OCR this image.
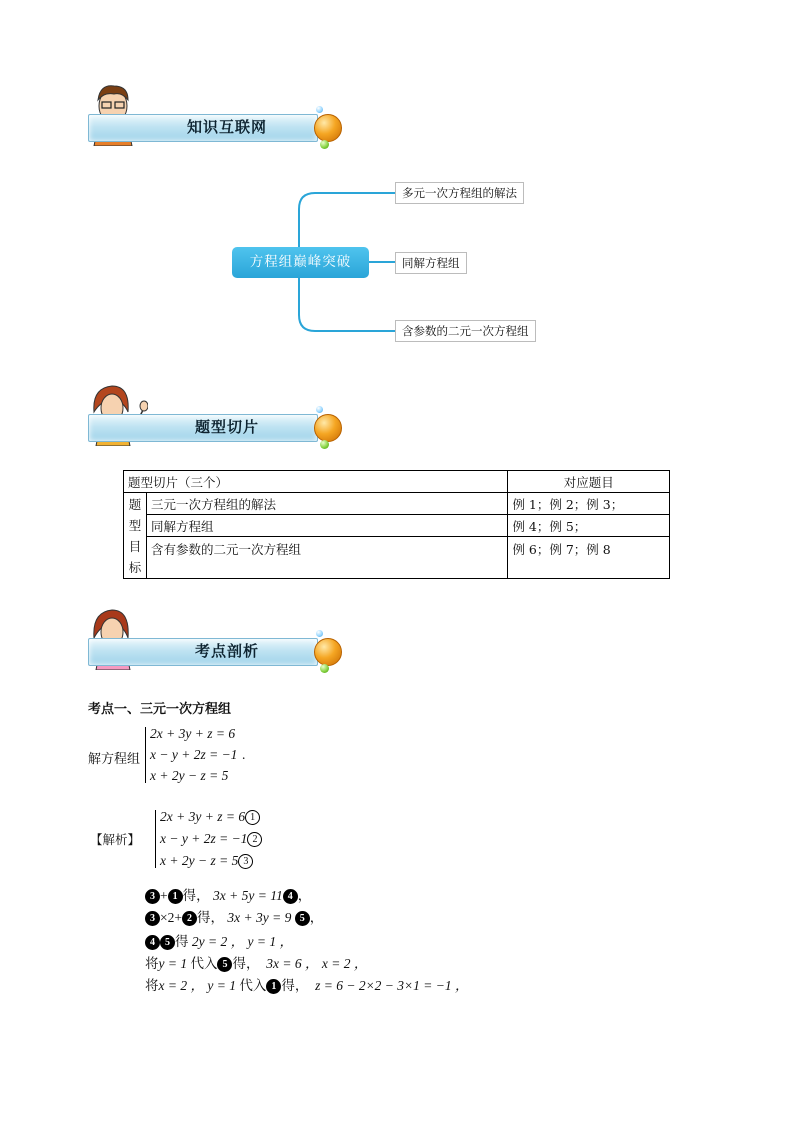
知识互联网
方程组巅峰突破
多元一次方程组的解法
同解方程组
含参数的二元一次方程组
题型切片
题型切片（三个）		对应题目

题
型
目
标	三元一次方程组的解法	例 1；例 2；例 3；
	同解方程组	例 4；例 5；
	含有参数的二元一次方程组	例 6；例 7；例 8
考点剖析
考点一、三元一次方程组
解方程组
2x + 3y + z = 6
x − y + 2z = −1 .
x + 2y − z = 5
【解析】
2x + 3y + z = 6 1
x − y + 2z = −1 2
x + 2y − z = 5 3
3 + 1 得， 3x + 5y = 11 4 ，
3 ×2+ 2 得， 3x + 3y = 9 5 ，
4 5 得 2y = 2 ， y = 1 ，
将y = 1 代入 5 得， 3x = 6 ， x = 2 ，
将x = 2 ， y = 1 代入 1 得， z = 6 − 2×2 − 3×1 = −1 ，
